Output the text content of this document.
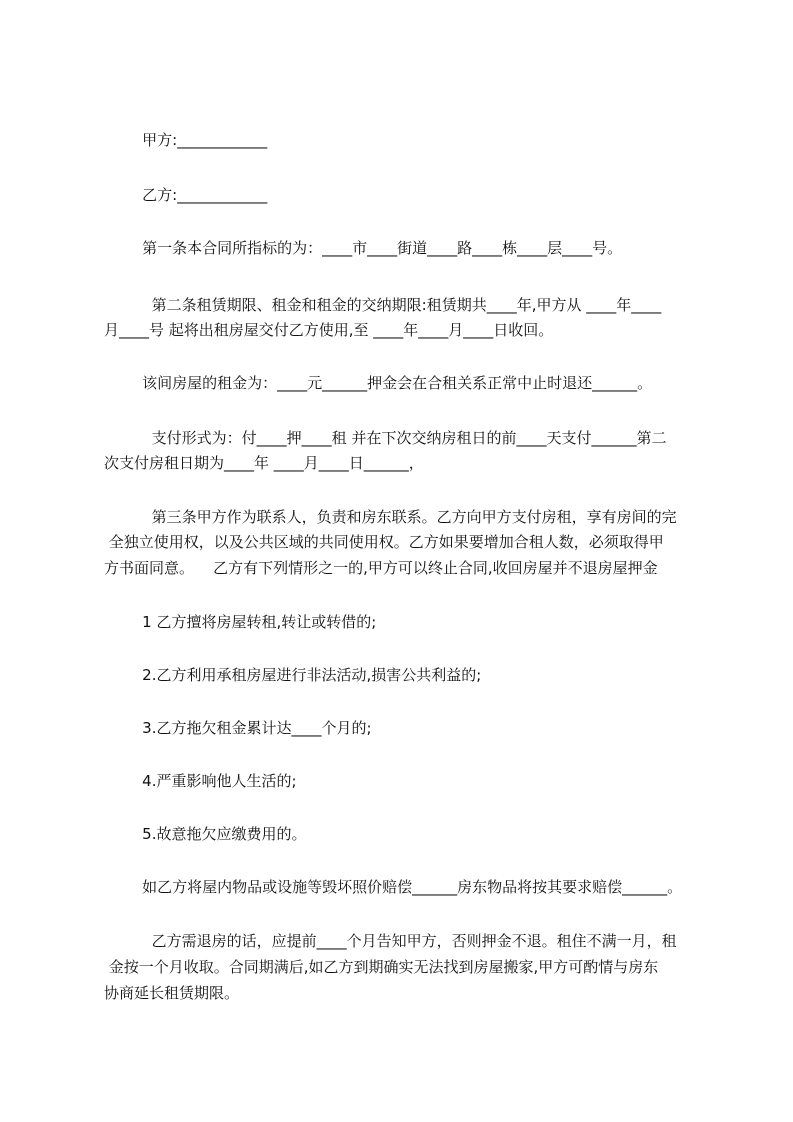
甲方:____________

乙方:____________

第一条本合同所指标的为：____市____街道____路____栋____层____号。

第二条租赁期限、租金和租金的交纳期限:租赁期共____年,甲方从 ____年____

月____号 起将出租房屋交付乙方使用,至 ____年____月____日收回。

该间房屋的租金为：____元______押金会在合租关系正常中止时退还______。

支付形式为：付____押____租 并在下次交纳房租日的前____天支付______第二

次支付房租日期为____年 ____月____日______，

第三条甲方作为联系人，负责和房东联系。乙方向甲方支付房租，享有房间的完

全独立使用权，以及公共区域的共同使用权。乙方如果要增加合租人数，必须取得甲

方书面同意。    乙方有下列情形之一的,甲方可以终止合同,收回房屋并不退房屋押金

1 乙方擅将房屋转租,转让或转借的;

2.乙方利用承租房屋进行非法活动,损害公共利益的;

3.乙方拖欠租金累计达____个月的;

4.严重影响他人生活的;

5.故意拖欠应缴费用的。

如乙方将屋内物品或设施等毁坏照价赔偿______房东物品将按其要求赔偿______。

乙方需退房的话，应提前____个月告知甲方，否则押金不退。租住不满一月，租

金按一个月收取。合同期满后,如乙方到期确实无法找到房屋搬家,甲方可酌情与房东

协商延长租赁期限。
